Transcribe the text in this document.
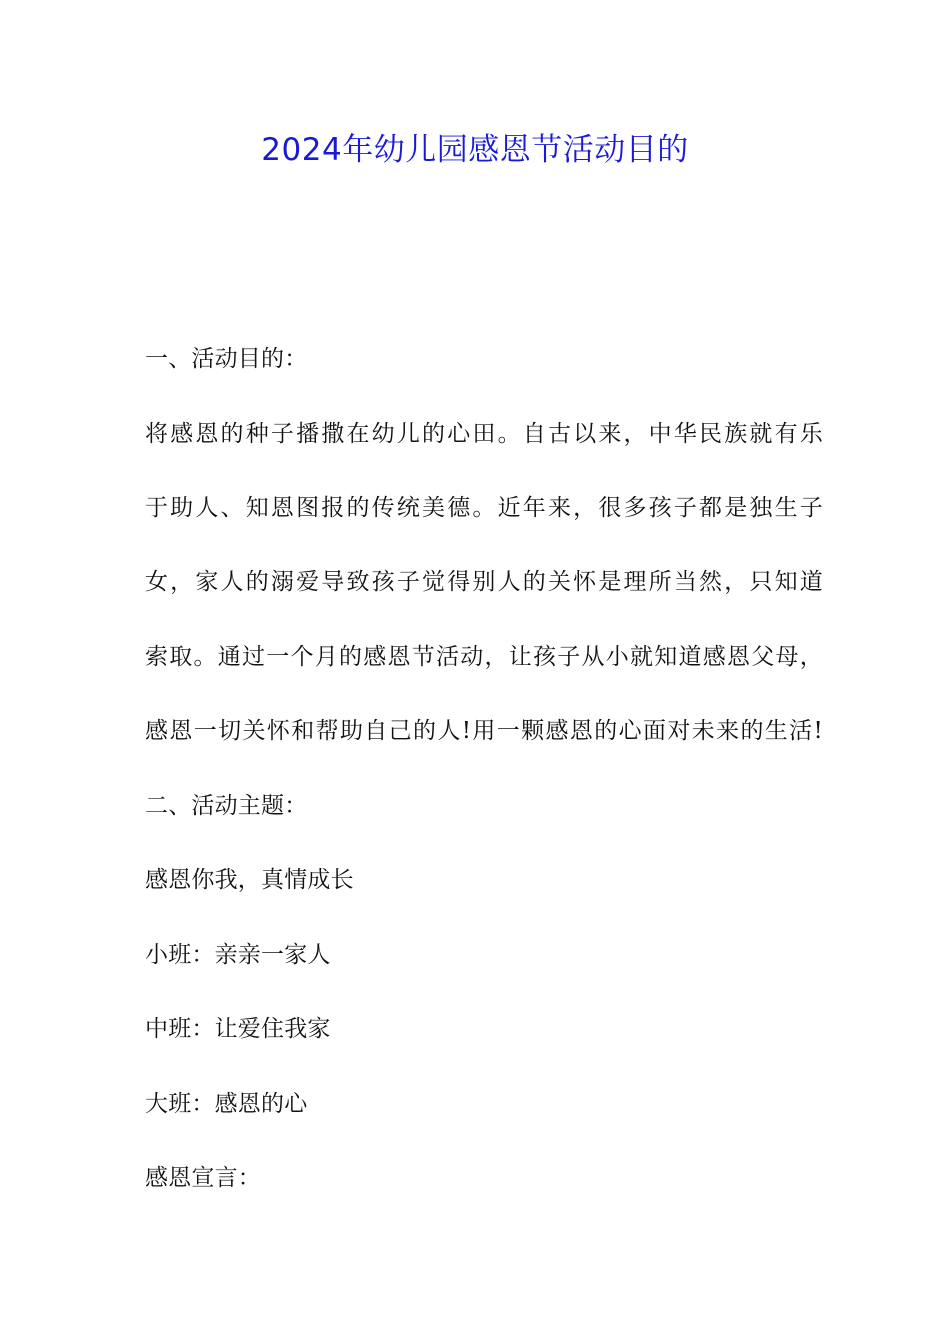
2024年幼儿园感恩节活动目的
一、活动目的：
将感恩的种子播撒在幼儿的心田。自古以来，中华民族就有乐
于助人、知恩图报的传统美德。近年来，很多孩子都是独生子
女，家人的溺爱导致孩子觉得别人的关怀是理所当然，只知道
索取。通过一个月的感恩节活动，让孩子从小就知道感恩父母，
感恩一切关怀和帮助自己的人!用一颗感恩的心面对未来的生活!
二、活动主题：
感恩你我，真情成长
小班：亲亲一家人
中班：让爱住我家
大班：感恩的心
感恩宣言：
